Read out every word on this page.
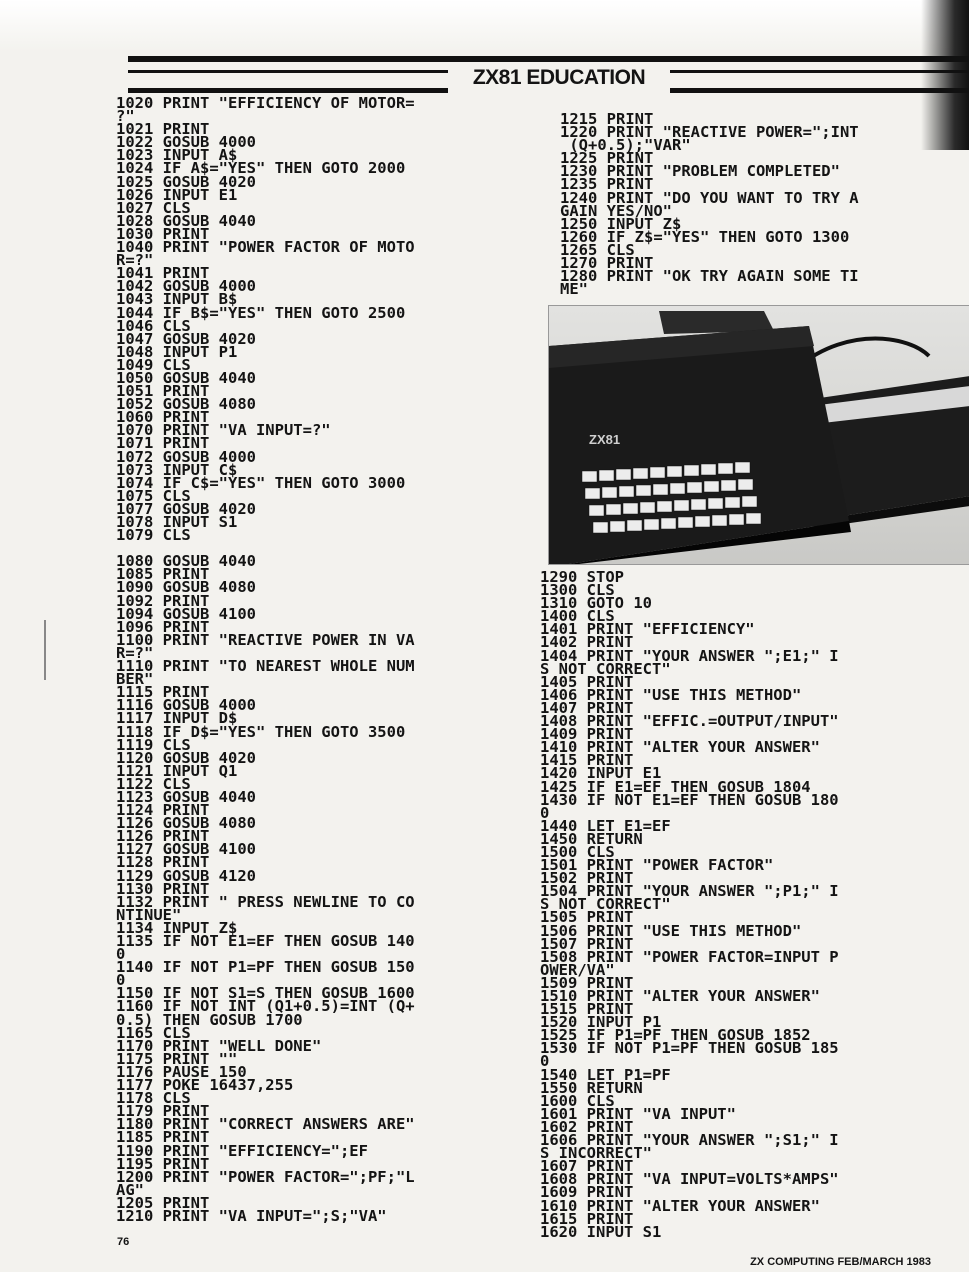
ZX81 EDUCATION
1020 PRINT "EFFICIENCY OF MOTOR=
?"
1021 PRINT
1022 GOSUB 4000
1023 INPUT A$
1024 IF A$="YES" THEN GOTO 2000
1025 GOSUB 4020
1026 INPUT E1
1027 CLS
1028 GOSUB 4040
1030 PRINT
1040 PRINT "POWER FACTOR OF MOTO
R=?"
1041 PRINT
1042 GOSUB 4000
1043 INPUT B$
1044 IF B$="YES" THEN GOTO 2500
1046 CLS
1047 GOSUB 4020
1048 INPUT P1
1049 CLS
1050 GOSUB 4040
1051 PRINT
1052 GOSUB 4080
1060 PRINT
1070 PRINT "VA INPUT=?"
1071 PRINT
1072 GOSUB 4000
1073 INPUT C$
1074 IF C$="YES" THEN GOTO 3000
1075 CLS
1077 GOSUB 4020
1078 INPUT S1
1079 CLS
1080 GOSUB 4040
1085 PRINT
1090 GOSUB 4080
1092 PRINT
1094 GOSUB 4100
1096 PRINT
1100 PRINT "REACTIVE POWER IN VA
R=?"
1110 PRINT "TO NEAREST WHOLE NUM
BER"
1115 PRINT
1116 GOSUB 4000
1117 INPUT D$
1118 IF D$="YES" THEN GOTO 3500
1119 CLS
1120 GOSUB 4020
1121 INPUT Q1
1122 CLS
1123 GOSUB 4040
1124 PRINT
1126 GOSUB 4080
1126 PRINT
1127 GOSUB 4100
1128 PRINT
1129 GOSUB 4120
1130 PRINT
1132 PRINT " PRESS NEWLINE TO CO
NTINUE"
1134 INPUT Z$
1135 IF NOT E1=EF THEN GOSUB 140
0
1140 IF NOT P1=PF THEN GOSUB 150
0
1150 IF NOT S1=S THEN GOSUB 1600
1160 IF NOT INT (Q1+0.5)=INT (Q+
0.5) THEN GOSUB 1700
1165 CLS
1170 PRINT "WELL DONE"
1175 PRINT ""
1176 PAUSE 150
1177 POKE 16437,255
1178 CLS
1179 PRINT
1180 PRINT "CORRECT ANSWERS ARE"
1185 PRINT
1190 PRINT "EFFICIENCY=";EF
1195 PRINT
1200 PRINT "POWER FACTOR=";PF;"L
AG"
1205 PRINT
1210 PRINT "VA INPUT=";S;"VA"
1215 PRINT
1220 PRINT "REACTIVE POWER=";INT
(Q+0.5);"VAR"
1225 PRINT
1230 PRINT "PROBLEM COMPLETED"
1235 PRINT
1240 PRINT "DO YOU WANT TO TRY A
GAIN YES/NO"
1250 INPUT Z$
1260 IF Z$="YES" THEN GOTO 1300
1265 CLS
1270 PRINT
1280 PRINT "OK TRY AGAIN SOME TI
ME"
ZX81
1290 STOP
1300 CLS
1310 GOTO 10
1400 CLS
1401 PRINT "EFFICIENCY"
1402 PRINT
1404 PRINT "YOUR ANSWER ";E1;" I
S NOT CORRECT"
1405 PRINT
1406 PRINT "USE THIS METHOD"
1407 PRINT
1408 PRINT "EFFIC.=OUTPUT/INPUT"
1409 PRINT
1410 PRINT "ALTER YOUR ANSWER"
1415 PRINT
1420 INPUT E1
1425 IF E1=EF THEN GOSUB 1804
1430 IF NOT E1=EF THEN GOSUB 180
0
1440 LET E1=EF
1450 RETURN
1500 CLS
1501 PRINT "POWER FACTOR"
1502 PRINT
1504 PRINT "YOUR ANSWER ";P1;" I
S NOT CORRECT"
1505 PRINT
1506 PRINT "USE THIS METHOD"
1507 PRINT
1508 PRINT "POWER FACTOR=INPUT P
OWER/VA"
1509 PRINT
1510 PRINT "ALTER YOUR ANSWER"
1515 PRINT
1520 INPUT P1
1525 IF P1=PF THEN GOSUB 1852
1530 IF NOT P1=PF THEN GOSUB 185
0
1540 LET P1=PF
1550 RETURN
1600 CLS
1601 PRINT "VA INPUT"
1602 PRINT
1606 PRINT "YOUR ANSWER ";S1;" I
S INCORRECT"
1607 PRINT
1608 PRINT "VA INPUT=VOLTS*AMPS"
1609 PRINT
1610 PRINT "ALTER YOUR ANSWER"
1615 PRINT
1620 INPUT S1
76
ZX COMPUTING FEB/MARCH 1983
